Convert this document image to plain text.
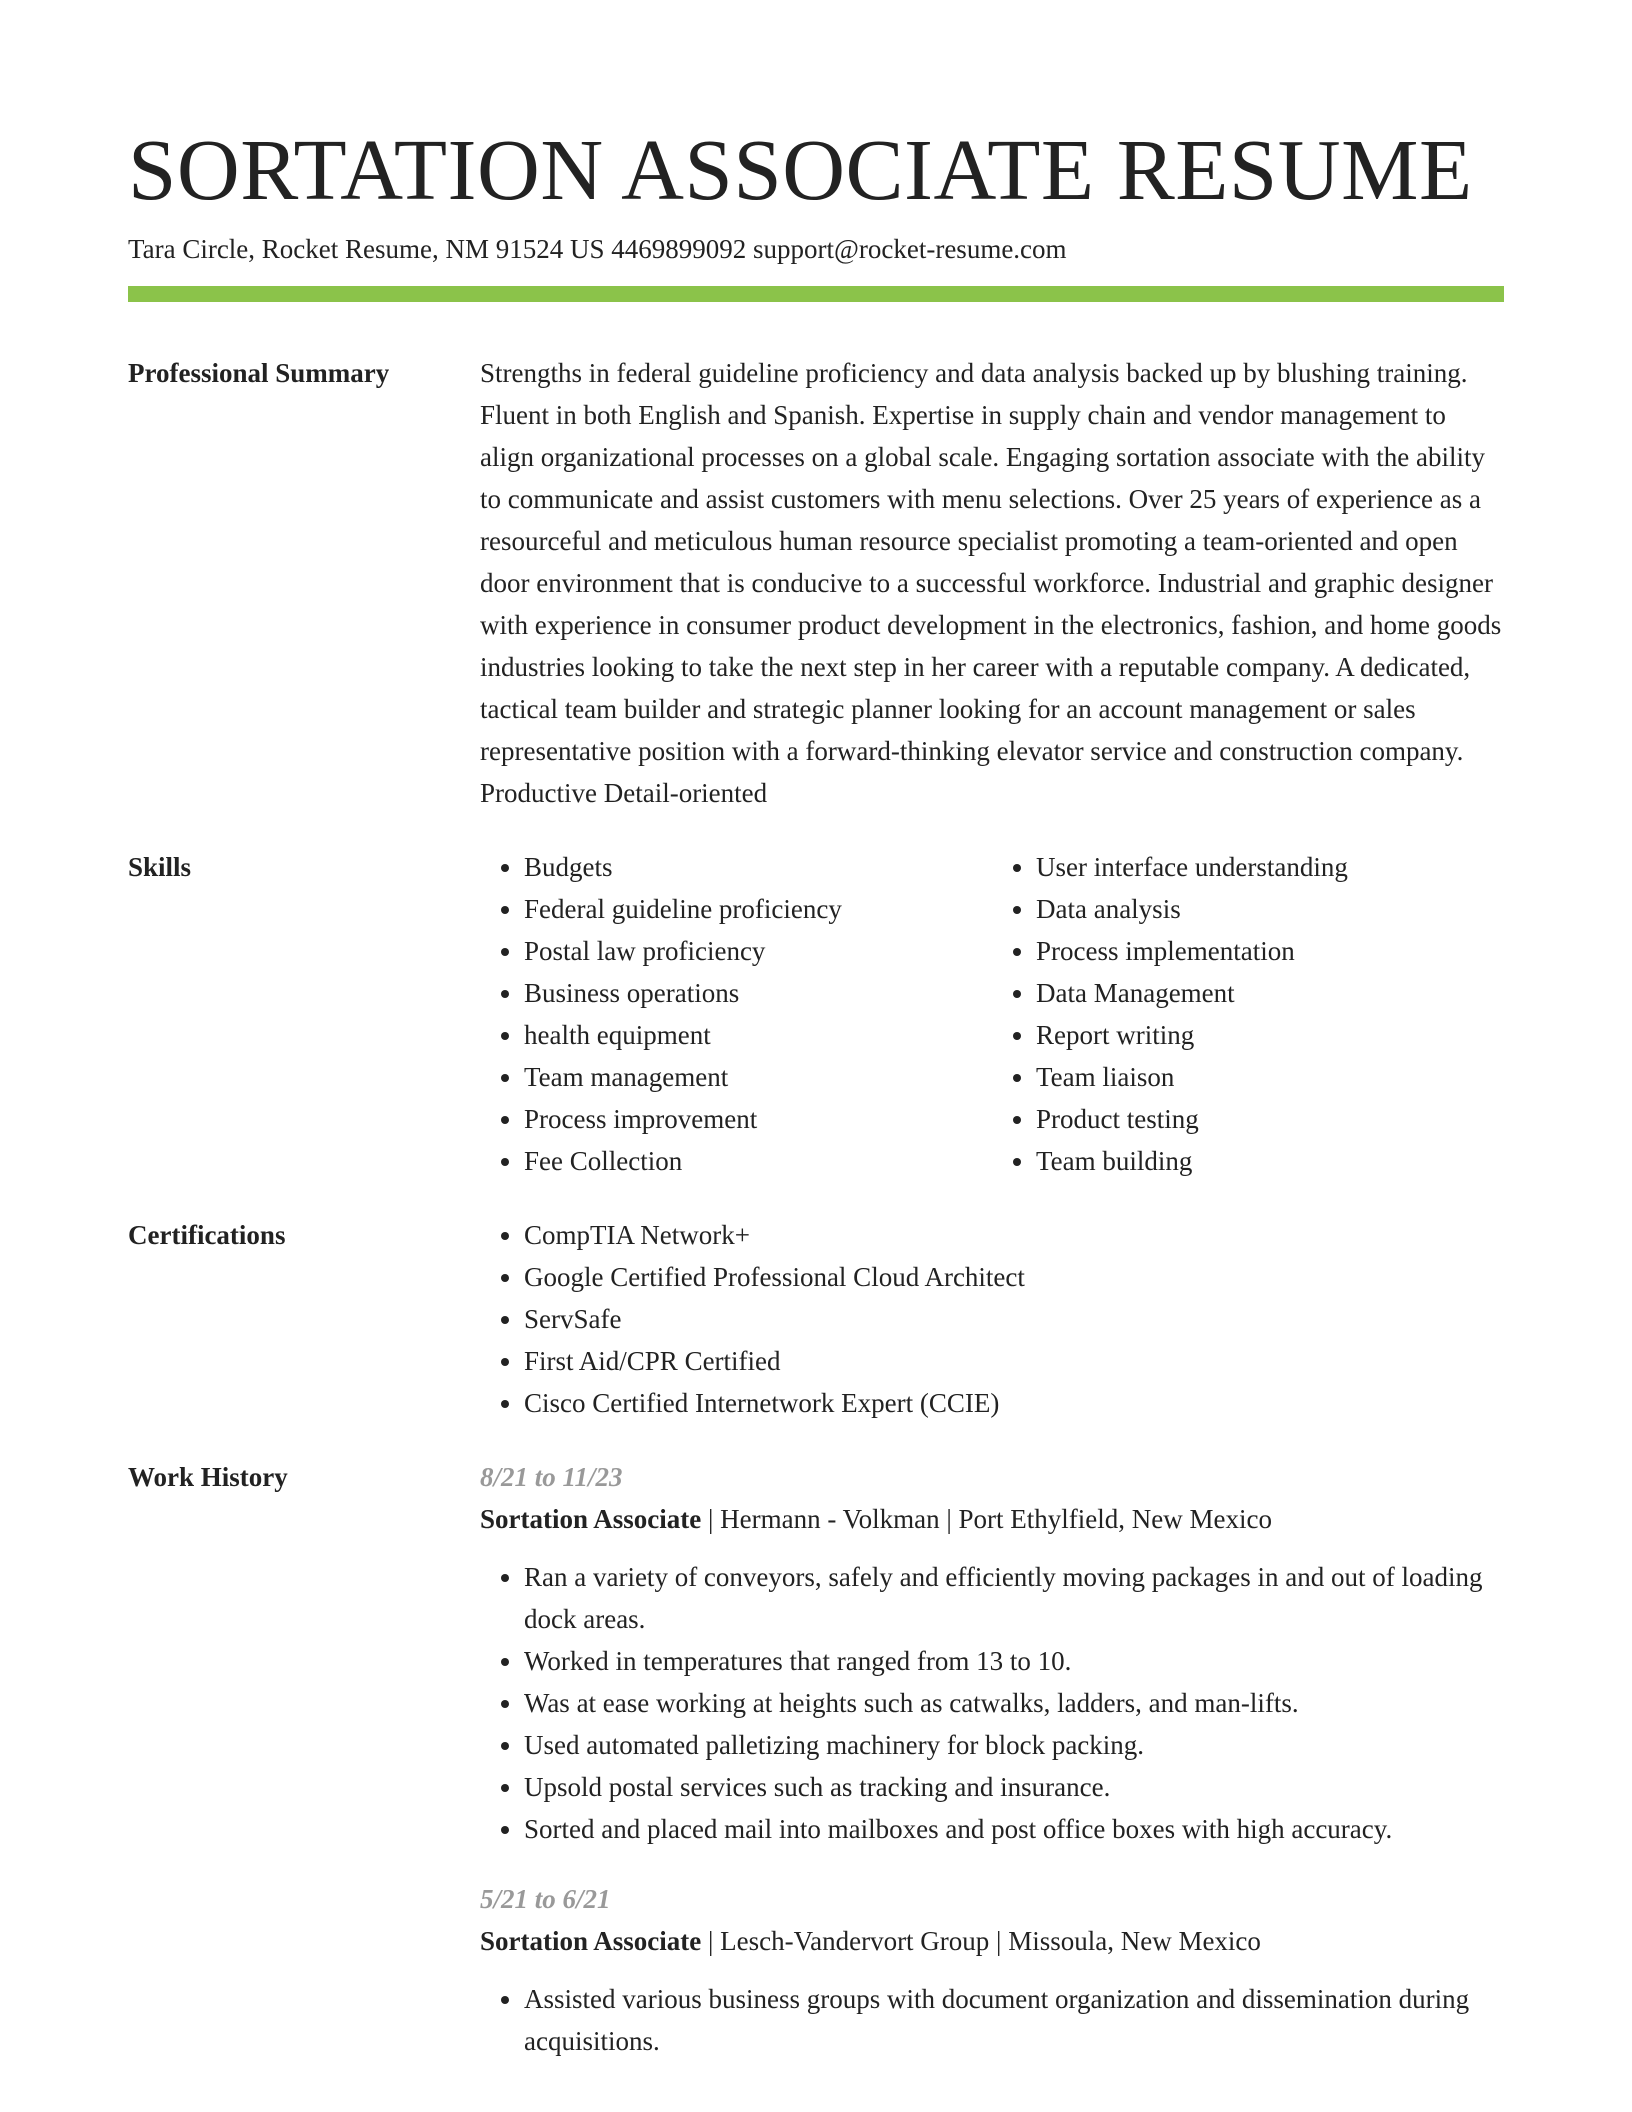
SORTATION ASSOCIATE RESUME
Tara Circle, Rocket Resume, NM 91524 US 4469899092 support@rocket-resume.com
Professional Summary	Strengths in federal guideline proficiency and data analysis backed up by blushing training. Fluent in both English and Spanish. Expertise in supply chain and vendor management to align organizational processes on a global scale. Engaging sortation associate with the ability to communicate and assist customers with menu selections. Over 25 years of experience as a resourceful and meticulous human resource specialist promoting a team-oriented and open door environment that is conducive to a successful workforce. Industrial and graphic designer with experience in consumer product development in the electronics, fashion, and home goods industries looking to take the next step in her career with a reputable company. A dedicated, tactical team builder and strategic planner looking for an account management or sales representative position with a forward-thinking elevator service and construction company. Productive Detail-oriented

Skills	• Budgets
• Federal guideline proficiency
• Postal law proficiency
• Business operations
• health equipment
• Team management
• Process improvement
• Fee Collection
• User interface understanding
• Data analysis
• Process implementation
• Data Management
• Report writing
• Team liaison
• Product testing
• Team building
Certifications	• CompTIA Network+
• Google Certified Professional Cloud Architect
• ServSafe
• First Aid/CPR Certified
• Cisco Certified Internetwork Expert (CCIE)
Work History	8/21 to 11/23
Sortation Associate | Hermann - Volkman | Port Ethylfield, New Mexico
• Ran a variety of conveyors, safely and efficiently moving packages in and out of loading dock areas.
• Worked in temperatures that ranged from 13 to 10.
• Was at ease working at heights such as catwalks, ladders, and man-lifts.
• Used automated palletizing machinery for block packing.
• Upsold postal services such as tracking and insurance.
• Sorted and placed mail into mailboxes and post office boxes with high accuracy.
5/21 to 6/21
Sortation Associate | Lesch-Vandervort Group | Missoula, New Mexico
• Assisted various business groups with document organization and dissemination during acquisitions.
